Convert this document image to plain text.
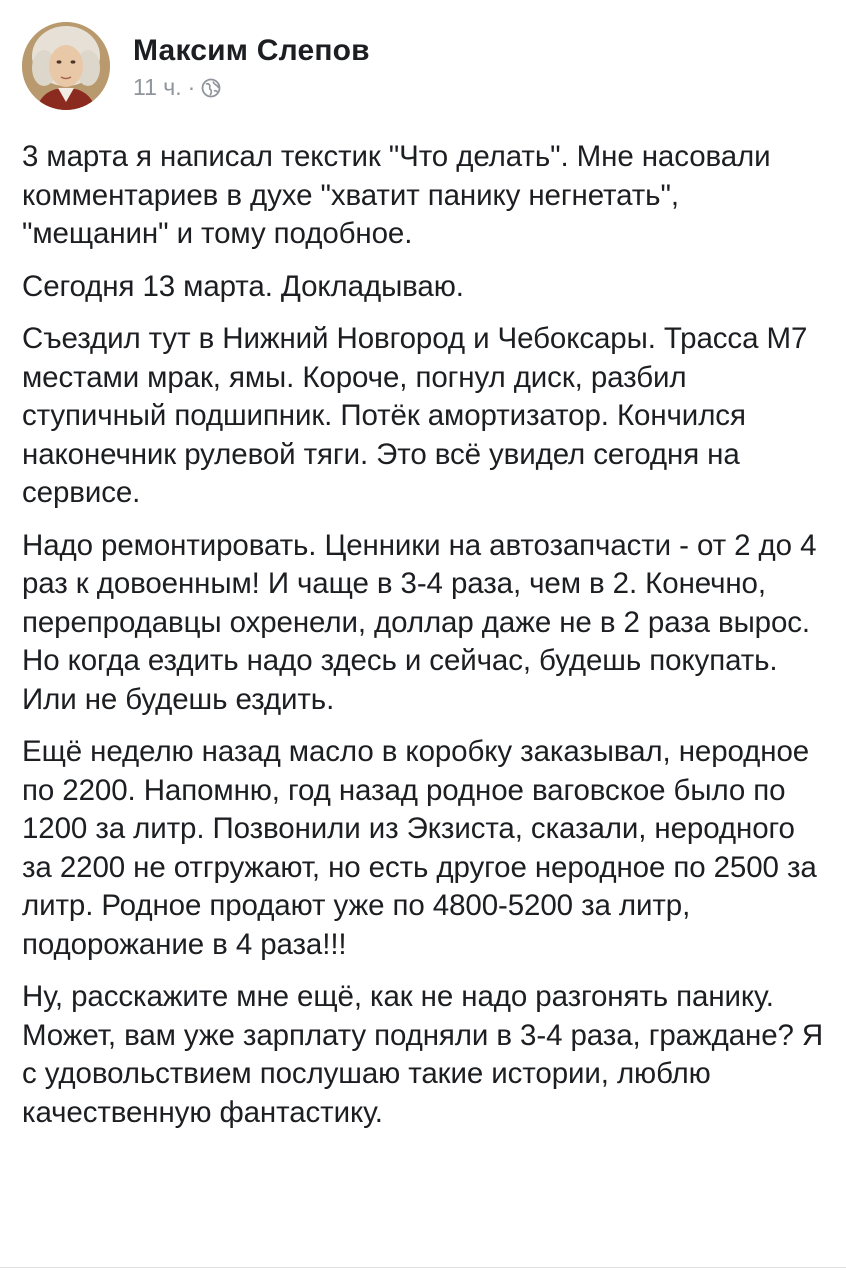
Максим Слепов
11 ч. ·

3 марта я написал текстик "Что делать". Мне насовали комментариев в духе "хватит панику негнетать", "мещанин" и тому подобное.

Сегодня 13 марта. Докладываю.

Съездил тут в Нижний Новгород и Чебоксары. Трасса М7 местами мрак, ямы. Короче, погнул диск, разбил ступичный подшипник. Потёк амортизатор. Кончился наконечник рулевой тяги. Это всё увидел сегодня на сервисе.

Надо ремонтировать. Ценники на автозапчасти - от 2 до 4 раз к довоенным! И чаще в 3-4 раза, чем в 2. Конечно, перепродавцы охренели, доллар даже не в 2 раза вырос. Но когда ездить надо здесь и сейчас, будешь покупать. Или не будешь ездить.

Ещё неделю назад масло в коробку заказывал, неродное по 2200. Напомню, год назад родное ваговское было по 1200 за литр. Позвонили из Экзиста, сказали, неродного за 2200 не отгружают, но есть другое неродное по 2500 за литр. Родное продают уже по 4800-5200 за литр, подорожание в 4 раза!!!

Ну, расскажите мне ещё, как не надо разгонять панику. Может, вам уже зарплату подняли в 3-4 раза, граждане? Я с удовольствием послушаю такие истории, люблю качественную фантастику.
